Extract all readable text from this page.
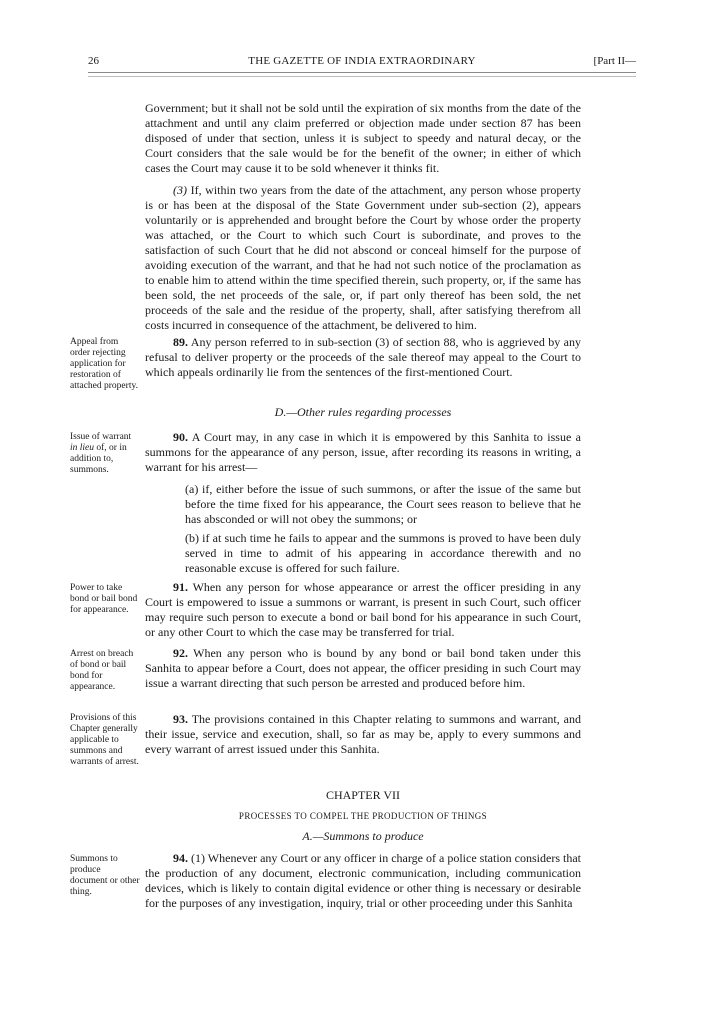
26	THE GAZETTE OF INDIA EXTRAORDINARY	[Part II—
Appeal from order rejecting application for restoration of attached property.
Issue of warrant in lieu of, or in addition to, summons.
Power to take bond or bail bond for appearance.
Arrest on breach of bond or bail bond for appearance.
Provisions of this Chapter generally applicable to summons and warrants of arrest.
Summons to produce document or other thing.
Government; but it shall not be sold until the expiration of six months from the date of the attachment and until any claim preferred or objection made under section 87 has been disposed of under that section, unless it is subject to speedy and natural decay, or the Court considers that the sale would be for the benefit of the owner; in either of which cases the Court may cause it to be sold whenever it thinks fit.
(3) If, within two years from the date of the attachment, any person whose property is or has been at the disposal of the State Government under sub-section (2), appears voluntarily or is apprehended and brought before the Court by whose order the property was attached, or the Court to which such Court is subordinate, and proves to the satisfaction of such Court that he did not abscond or conceal himself for the purpose of avoiding execution of the warrant, and that he had not such notice of the proclamation as to enable him to attend within the time specified therein, such property, or, if the same has been sold, the net proceeds of the sale, or, if part only thereof has been sold, the net proceeds of the sale and the residue of the property, shall, after satisfying therefrom all costs incurred in consequence of the attachment, be delivered to him.
89. Any person referred to in sub-section (3) of section 88, who is aggrieved by any refusal to deliver property or the proceeds of the sale thereof may appeal to the Court to which appeals ordinarily lie from the sentences of the first-mentioned Court.
D.—Other rules regarding processes
90. A Court may, in any case in which it is empowered by this Sanhita to issue a summons for the appearance of any person, issue, after recording its reasons in writing, a warrant for his arrest—
(a) if, either before the issue of such summons, or after the issue of the same but before the time fixed for his appearance, the Court sees reason to believe that he has absconded or will not obey the summons; or
(b) if at such time he fails to appear and the summons is proved to have been duly served in time to admit of his appearing in accordance therewith and no reasonable excuse is offered for such failure.
91. When any person for whose appearance or arrest the officer presiding in any Court is empowered to issue a summons or warrant, is present in such Court, such officer may require such person to execute a bond or bail bond for his appearance in such Court, or any other Court to which the case may be transferred for trial.
92. When any person who is bound by any bond or bail bond taken under this Sanhita to appear before a Court, does not appear, the officer presiding in such Court may issue a warrant directing that such person be arrested and produced before him.
93. The provisions contained in this Chapter relating to summons and warrant, and their issue, service and execution, shall, so far as may be, apply to every summons and every warrant of arrest issued under this Sanhita.
CHAPTER VII
PROCESSES TO COMPEL THE PRODUCTION OF THINGS
A.—Summons to produce
94. (1) Whenever any Court or any officer in charge of a police station considers that the production of any document, electronic communication, including communication devices, which is likely to contain digital evidence or other thing is necessary or desirable for the purposes of any investigation, inquiry, trial or other proceeding under this Sanhita
